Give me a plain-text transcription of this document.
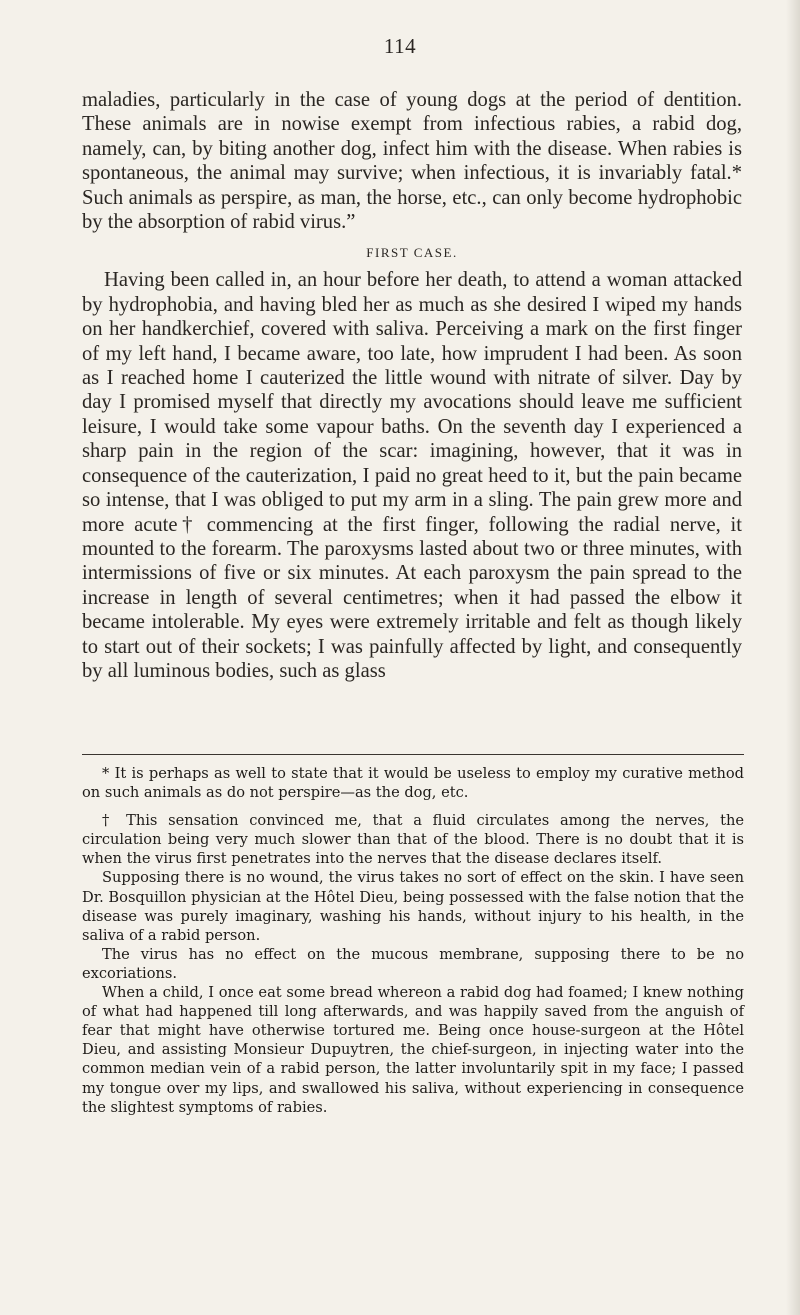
114

maladies, particularly in the case of young dogs at the period of dentition. These animals are in nowise exempt from infectious rabies, a rabid dog, namely, can, by biting another dog, infect him with the disease. When rabies is spontaneous, the animal may survive; when infectious, it is invariably fatal.* Such animals as perspire, as man, the horse, etc., can only become hydrophobic by the absorption of rabid virus.”

FIRST CASE.

Having been called in, an hour before her death, to attend a woman attacked by hydrophobia, and having bled her as much as she desired I wiped my hands on her handkerchief, covered with saliva. Perceiving a mark on the first finger of my left hand, I became aware, too late, how imprudent I had been. As soon as I reached home I cauterized the little wound with nitrate of silver. Day by day I promised myself that directly my avocations should leave me sufficient leisure, I would take some vapour baths. On the seventh day I experienced a sharp pain in the region of the scar: imagining, however, that it was in consequence of the cauterization, I paid no great heed to it, but the pain became so intense, that I was obliged to put my arm in a sling. The pain grew more and more acute† commencing at the first finger, following the radial nerve, it mounted to the forearm. The paroxysms lasted about two or three minutes, with intermissions of five or six minutes. At each paroxysm the pain spread to the increase in length of several centimetres; when it had passed the elbow it became intolerable. My eyes were extremely irritable and felt as though likely to start out of their sockets; I was painfully affected by light, and consequently by all luminous bodies, such as glass

* It is perhaps as well to state that it would be useless to employ my curative method on such animals as do not perspire—as the dog, etc.

† This sensation convinced me, that a fluid circulates among the nerves, the circulation being very much slower than that of the blood. There is no doubt that it is when the virus first penetrates into the nerves that the disease declares itself.

Supposing there is no wound, the virus takes no sort of effect on the skin. I have seen Dr. Bosquillon physician at the Hôtel Dieu, being possessed with the false notion that the disease was purely imaginary, washing his hands, without injury to his health, in the saliva of a rabid person.

The virus has no effect on the mucous membrane, supposing there to be no excoriations.

When a child, I once eat some bread whereon a rabid dog had foamed; I knew nothing of what had happened till long afterwards, and was happily saved from the anguish of fear that might have otherwise tortured me. Being once house-surgeon at the Hôtel Dieu, and assisting Monsieur Dupuytren, the chief-surgeon, in injecting water into the common median vein of a rabid person, the latter involuntarily spit in my face; I passed my tongue over my lips, and swallowed his saliva, without experiencing in consequence the slightest symptoms of rabies.
